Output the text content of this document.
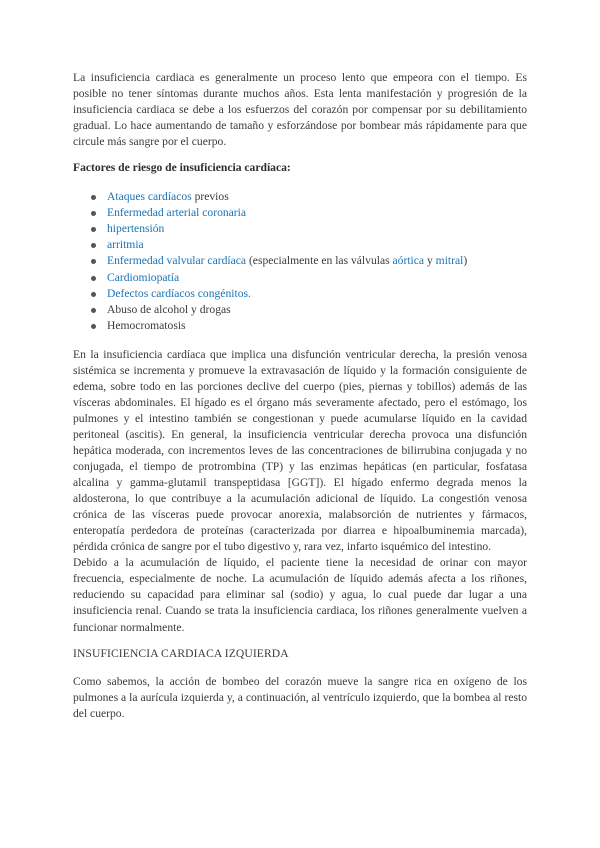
La insuficiencia cardiaca es generalmente un proceso lento que empeora con el tiempo. Es posible no tener síntomas durante muchos años. Esta lenta manifestación y progresión de la insuficiencia cardiaca se debe a los esfuerzos del corazón por compensar por su debilitamiento gradual. Lo hace aumentando de tamaño y esforzándose por bombear más rápidamente para que circule más sangre por el cuerpo.

Factores de riesgo de insuficiencia cardíaca:

Ataques cardíacos previos
Enfermedad arterial coronaria
hipertensión
arritmia
Enfermedad valvular cardíaca (especialmente en las válvulas aórtica y mitral)
Cardiomiopatía
Defectos cardíacos congénitos.
Abuso de alcohol y drogas
Hemocromatosis

En la insuficiencia cardíaca que implica una disfunción ventricular derecha, la presión venosa sistémica se incrementa y promueve la extravasación de líquido y la formación consiguiente de edema, sobre todo en las porciones declive del cuerpo (pies, piernas y tobillos) además de las vísceras abdominales. El hígado es el órgano más severamente afectado, pero el estómago, los pulmones y el intestino también se congestionan y puede acumularse líquido en la cavidad peritoneal (ascitis). En general, la insuficiencia ventricular derecha provoca una disfunción hepática moderada, con incrementos leves de las concentraciones de bilirrubina conjugada y no conjugada, el tiempo de protrombina (TP) y las enzimas hepáticas (en particular, fosfatasa alcalina y gamma-glutamil transpeptidasa [GGT]). El hígado enfermo degrada menos la aldosterona, lo que contribuye a la acumulación adicional de líquido. La congestión venosa crónica de las vísceras puede provocar anorexia, malabsorción de nutrientes y fármacos, enteropatía perdedora de proteínas (caracterizada por diarrea e hipoalbuminemia marcada), pérdida crónica de sangre por el tubo digestivo y, rara vez, infarto isquémico del intestino.

Debido a la acumulación de líquido, el paciente tiene la necesidad de orinar con mayor frecuencia, especialmente de noche. La acumulación de líquido además afecta a los riñones, reduciendo su capacidad para eliminar sal (sodio) y agua, lo cual puede dar lugar a una insuficiencia renal. Cuando se trata la insuficiencia cardiaca, los riñones generalmente vuelven a funcionar normalmente.

INSUFICIENCIA CARDIACA IZQUIERDA

Como sabemos, la acción de bombeo del corazón mueve la sangre rica en oxígeno de los pulmones a la aurícula izquierda y, a continuación, al ventrículo izquierdo, que la bombea al resto del cuerpo.
